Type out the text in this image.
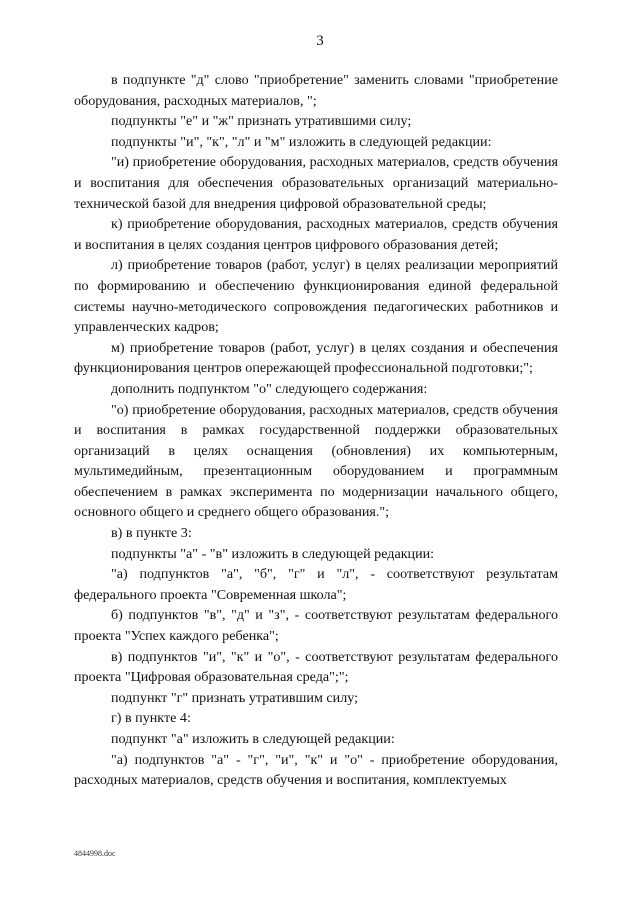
3

в подпункте "д" слово "приобретение" заменить словами "приобретение оборудования, расходных материалов, ";

подпункты "е" и "ж" признать утратившими силу;

подпункты "и", "к", "л" и "м" изложить в следующей редакции:

"и) приобретение оборудования, расходных материалов, средств обучения и воспитания для обеспечения образовательных организаций материально-технической базой для внедрения цифровой образовательной среды;

к) приобретение оборудования, расходных материалов, средств обучения и воспитания в целях создания центров цифрового образования детей;

л) приобретение товаров (работ, услуг) в целях реализации мероприятий по формированию и обеспечению функционирования единой федеральной системы научно-методического сопровождения педагогических работников и управленческих кадров;

м) приобретение товаров (работ, услуг) в целях создания и обеспечения функционирования центров опережающей профессиональной подготовки;";

дополнить подпунктом "о" следующего содержания:

"о) приобретение оборудования, расходных материалов, средств обучения и воспитания в рамках государственной поддержки образовательных организаций в целях оснащения (обновления) их компьютерным, мультимедийным, презентационным оборудованием и программным обеспечением в рамках эксперимента по модернизации начального общего, основного общего и среднего общего образования.";

в) в пункте 3:

подпункты "а" - "в" изложить в следующей редакции:

"а) подпунктов "а", "б", "г" и "л", - соответствуют результатам федерального проекта "Современная школа";

б) подпунктов "в", "д" и "з", - соответствуют результатам федерального проекта "Успех каждого ребенка";

в) подпунктов "и", "к" и "о", - соответствуют результатам федерального проекта "Цифровая образовательная среда";";

подпункт "г" признать утратившим силу;

г) в пункте 4:

подпункт "а" изложить в следующей редакции:

"а) подпунктов "а" - "г", "и", "к" и "о" - приобретение оборудования, расходных материалов, средств обучения и воспитания, комплектуемых

4844998.doc
